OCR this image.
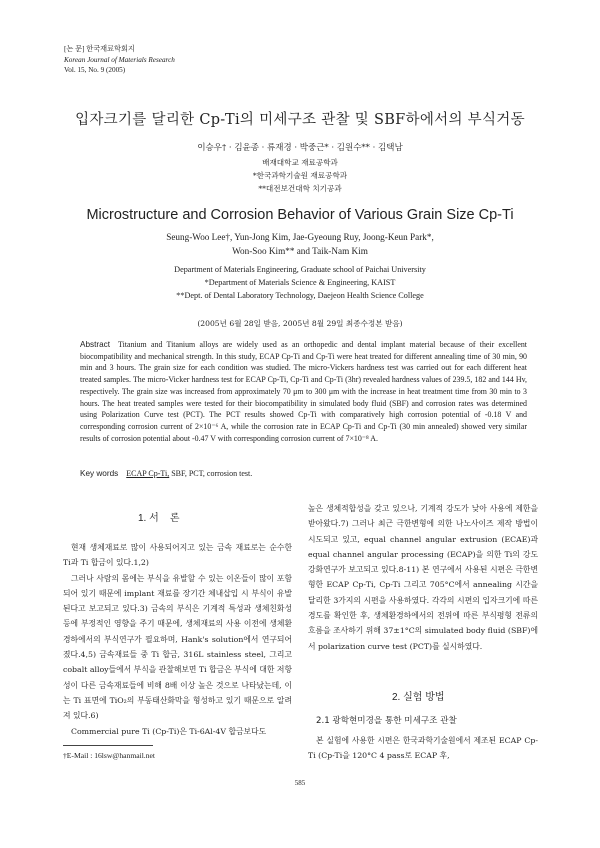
[논 문] 한국재료학회지
Korean Journal of Materials Research
Vol. 15, No. 9 (2005)
입자크기를 달리한 Cp-Ti의 미세구조 관찰 및 SBF하에서의 부식거동
이승우† · 김윤종 · 류재경 · 박중근* · 김원수** · 김택남
배재대학교 재료공학과
*한국과학기술원 재료공학과
**대전보건대학 치기공과
Microstructure and Corrosion Behavior of Various Grain Size Cp-Ti
Seung-Woo Lee†, Yun-Jong Kim, Jae-Gyeoung Ruy, Joong-Keun Park*,
Won-Soo Kim** and Taik-Nam Kim
Department of Materials Engineering, Graduate school of Paichai University
*Department of Materials Science & Engineering, KAIST
**Dept. of Dental Laboratory Technology, Daejeon Health Science College
(2005년 6월 28일 받음, 2005년 8월 29일 최종수정본 받음)
Abstract Titanium and Titanium alloys are widely used as an orthopedic and dental implant material because of their excellent biocompatibility and mechanical strength. In this study, ECAP Cp-Ti and Cp-Ti were heat treated for different annealing time of 30 min, 90 min and 3 hours. The grain size for each condition was studied. The micro-Vickers hardness test was carried out for each different heat treated samples. The micro-Vicker hardness test for ECAP Cp-Ti, Cp-Ti and Cp-Ti (3hr) revealed hardness values of 239.5, 182 and 144 Hv, respectively. The grain size was increased from approximately 70 μm to 300 μm with the increase in heat treatment time from 30 min to 3 hours. The heat treated samples were tested for their biocompatibility in simulated body fluid (SBF) and corrosion rates was determined using Polarization Curve test (PCT). The PCT results showed Cp-Ti with comparatively high corrosion potential of -0.18 V and corresponding corrosion current of 2×10⁻⁶ A, while the corrosion rate in ECAP Cp-Ti and Cp-Ti (30 min annealed) showed very similar results of corrosion potential about -0.47 V with corresponding corrosion current of 7×10⁻⁸ A.
Key words ECAP Cp-Ti, SBF, PCT, corrosion test.
1. 서    론

현재 생체재료로 많이 사용되어지고 있는 금속 재료로는 순수한 Ti과 Ti 합금이 있다.1,2)

그러나 사람의 몸에는 부식을 유발할 수 있는 이온들이 많이 포함되어 있기 때문에 implant 재료를 장기간 체내삽입 시 부식이 유발된다고 보고되고 있다.3) 금속의 부식은 기계적 특성과 생체친화성 등에 부정적인 영향을 주기 때문에, 생체재료의 사용 이전에 생체환경하에서의 부식연구가 필요하며, Hank's solution에서 연구되어졌다.4,5) 금속재료들 중 Ti 합금, 316L stainless steel, 그리고 cobalt alloy들에서 부식을 관찰해보면 Ti 합금은 부식에 대한 저항성이 다른 금속재료들에 비해 8배 이상 높은 것으로 나타났는데, 이는 Ti 표면에 TiO₂의 부동태산화막을 형성하고 있기 때문으로 알려져 있다.6)

Commercial pure Ti (Cp-Ti)은 Ti-6Al-4V 합금보다도

높은 생체적합성을 갖고 있으나, 기계적 강도가 낮아 사용에 제한을 받아왔다.7) 그러나 최근 극한변형에 의한 나노사이즈 제작 방법이 시도되고 있고, equal channel angular extrusion (ECAE)과 equal channel angular processing (ECAP)을 의한 Ti의 강도 강화연구가 보고되고 있다.8-11) 본 연구에서 사용된 시편은 극한변형한 ECAP Cp-Ti, Cp-Ti 그리고 705°C에서 annealing 시간을 달리한 3가지의 시편을 사용하였다. 각각의 시편의 입자크기에 따른 경도를 확인한 후, 생체환경하에서의 전위에 따른 부식평형 전류의 흐름을 조사하기 위해 37±1°C의 simulated body fluid (SBF)에서 polarization curve test (PCT)를 실시하였다.

2. 실험 방법
2.1 광학현미경을 통한 미세구조 관찰

본 실험에 사용한 시편은 한국과학기술원에서 제조된 ECAP Cp-Ti (Cp-Ti을 120°C 4 pass로 ECAP 후,

†E-Mail : 16lsw@hanmail.net
585
